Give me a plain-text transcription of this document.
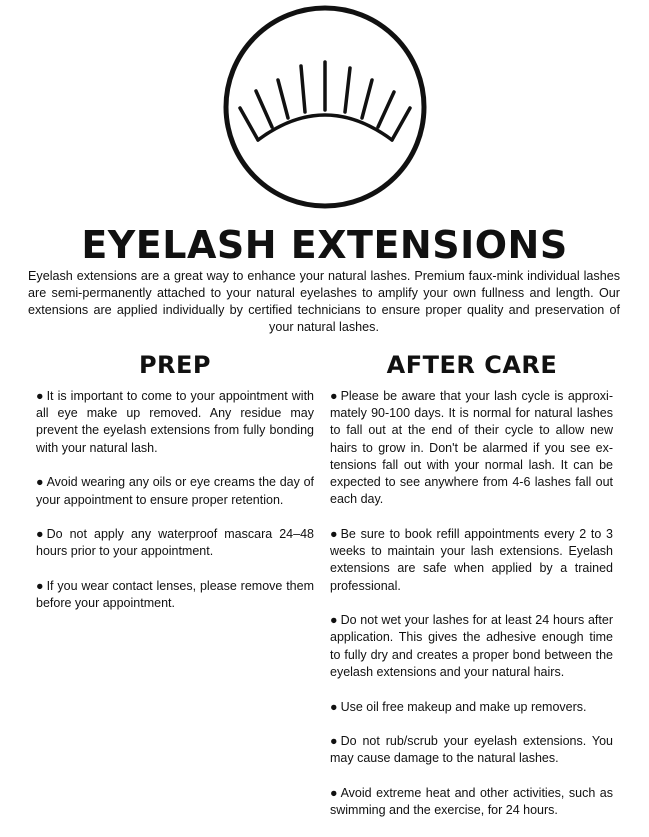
EYELASH EXTENSIONS

Eyelash extensions are a great way to enhance your natural lashes. Premium faux-mink individual lashes are semi-permanently attached to your natural eyelashes to amplify your own fullness and length. Our extensions are applied individually by certified technicians to ensure proper quality and preservation of your natural lashes.

PREP	AFTER CARE
● It is important to come to your appointment with all eye make up removed. Any residue may prevent the eyelash extensions from fully bonding with your natural lash.
● Avoid wearing any oils or eye creams the day of your appointment to ensure proper retention.
● Do not apply any waterproof mascara 24–48 hours prior to your appointment.
● If you wear contact lenses, please remove them before your appointment.
● Please be aware that your lash cycle is approximately 90-100 days. It is normal for natural lashes to fall out at the end of their cycle to allow new hairs to grow in. Don't be alarmed if you see extensions fall out with your normal lash. It can be expected to see anywhere from 4-6 lashes fall out each day.
● Be sure to book refill appointments every 2 to 3 weeks to maintain your lash extensions. Eyelash extensions are safe when applied by a trained professional.
● Do not wet your lashes for at least 24 hours after application. This gives the adhesive enough time to fully dry and creates a proper bond between the eyelash extensions and your natural hairs.
● Use oil free makeup and make up removers.
● Do not rub/scrub your eyelash extensions. You may cause damage to the natural lashes.
● Avoid extreme heat and other activities, such as swimming and the exercise, for 24 hours.
